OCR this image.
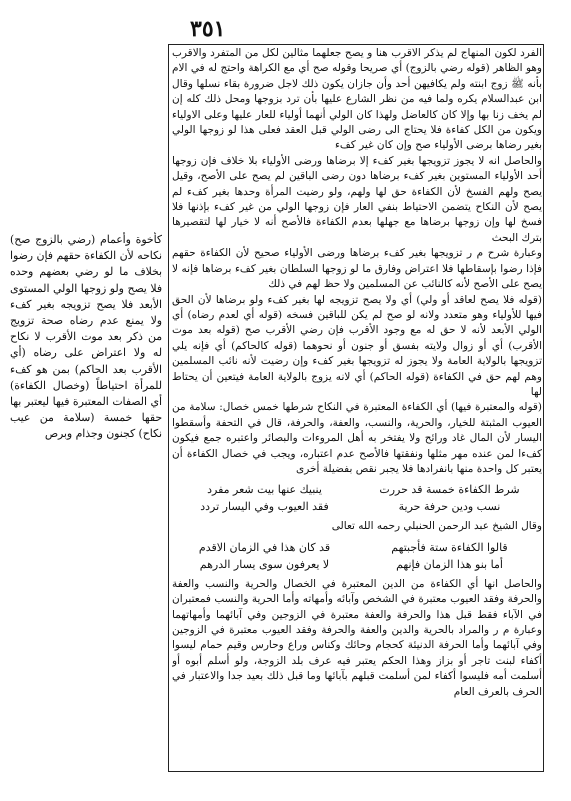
٣٥١

الفرد لكون المنهاج لم يذكر الاقرب هنا و يصح جعلهما مثالين لكل من المتفرد والاقرب وهو الظاهر (قوله رضي بالزوج) أي صريحا وقوله صح أي مع الكراهة واحتج له في الام بأنه ﷺ زوج ابنته ولم يكافيهن أحد وأن جازان يكون ذلك لاجل ضرورة بقاء نسلها وقال ابن عبدالسلام يكره ولما فيه من نظر الشارع عليها بأن ترد بزوجها ومحل ذلك كله إن لم يخف زنا بها وإلا كان كالعاضل ولهذا كان الولي أنهما أولياء للعار عليها وعلى الاولياء ويكون من الكل كفاءة فلا يحتاج الى رضى الولي قبل العقد فعلى هذا لو زوجها الولي بغير رضاها برضى الأولياء صح وإن كان غير كفء

والحاصل انه لا يجوز تزويجها بغير كفء إلا برضاها ورضى الأولياء بلا خلاف فإن زوجها أحد الأولياء المستوين بغير كفء برضاها دون رضى الباقين لم يصح على الأصح، وقيل يصح ولهم الفسخ لأن الكفاءة حق لها ولهم، ولو رضيت المرأة وحدها بغير كفء لم يصح لأن النكاح يتضمن الاحتياط بنفي العار فإن زوجها الولي من غير كفء بإذنها فلا فسخ لها وإن زوجها برضاها مع جهلها بعدم الكفاءة فالأصح أنه لا خيار لها لتقصيرها بترك البحث

وعبارة شرح م ر تزويجها بغير كفء برضاها ورضى الأولياء صحيح لأن الكفاءة حقهم فإذا رضوا بإسقاطها فلا اعتراض وفارق ما لو زوجها السلطان بغير كفء برضاها فإنه لا يصح على الأصح لأنه كالنائب عن المسلمين ولا حظ لهم في ذلك

(قوله فلا يصح لعاقد أو ولي) أي ولا يصح تزويجه لها بغير كفء ولو برضاها لأن الحق فيها للأولياء وهو متعدد ولانه لو صح لم يكن للباقين فسخه (قوله أي لعدم رضاه) أي الولي الأبعد لأنه لا حق له مع وجود الأقرب فإن رضي الأقرب صح (قوله بعد موت الأقرب) أي أو زوال ولايته بفسق أو جنون أو نحوهما (قوله كالحاكم) أي فإنه يلي تزويجها بالولاية العامة ولا يجوز له تزويجها بغير كفء وإن رضيت لأنه نائب المسلمين وهم لهم حق في الكفاءة (قوله الحاكم) أي لانه يزوج بالولاية العامة فيتعين أن يحتاط لها

(قوله والمعتبرة فيها) أي الكفاءة المعتبرة في النكاح شرطها خمس خصال: سلامة من العيوب المثبتة للخيار، والحرية، والنسب، والعفة، والحرفة، قال في التحفة وأسقطوا اليسار لأن المال غاد ورائح ولا يفتخر به أهل المروءات والبصائر واعتبره جمع فيكون كفءا لمن عنده مهر مثلها ونفقتها فالأصح عدم اعتباره، ويجب في خصال الكفاءة أن يعتبر كل واحدة منها بانفرادها فلا يجبر نقص بفضيلة أخرى

شرط الكفاءة خمسة قد حررت
ينبيك عنها بيت شعر مفرد
نسب ودين حرفة حرية
فقد العيوب وفي اليسار تردد

وقال الشيخ عبد الرحمن الحنبلي رحمه الله تعالى

قالوا الكفاءة ستة فأجبتهم
قد كان هذا في الزمان الاقدم
أما بنو هذا الزمان فإنهم
لا يعرفون سوى يسار الدرهم

والحاصل انها أي الكفاءة من الدين المعتبرة في الخصال والحرية والنسب والعفة والحرفة وفقد العيوب معتبرة في الشخص وآبائه وأمهاته وأما الحرية والنسب فمعتبران في الآباء فقط قبل هذا والحرفة والعفة معتبرة في الزوجين وفي آبائهما وأمهاتهما وعبارة م ر والمراد بالحرية والدين والعفة والحرفة وفقد العيوب معتبرة في الزوجين وفي آبائهما وأما الحرفة الدنيئة كحجام وحائك وكناس وراع وحارس وقيم حمام ليسوا أكفاء لبنت تاجر أو بزاز وهذا الحكم يعتبر فيه عرف بلد الزوجة، ولو أسلم أبوه أو أسلمت أمه فليسوا أكفاء لمن أسلمت قبلهم بآبائها وما قبل ذلك بعيد جدا والاعتبار في الحرف بالعرف العام

كأخوة وأعمام (رضي بالزوج صح) نكاحه لأن الكفاءة حقهم فإن رضوا بخلاف ما لو رضي بعضهم وحده فلا يصح ولو زوجها الولي المستوى الأبعد فلا يصح تزويجه بغير كفء ولا يمنع عدم رضاه صحة تزويج من ذكر بعد موت الأقرب لا نكاح له ولا اعتراض على رضاه (أي الأقرب بعد الحاكم) بمن هو كفء للمرأة احتياطاً (وخصال الكفاءة) أي الصفات المعتبرة فيها ليعتبر بها حقها خمسة (سلامة من عيب نكاح) كجنون وجذام وبرص
